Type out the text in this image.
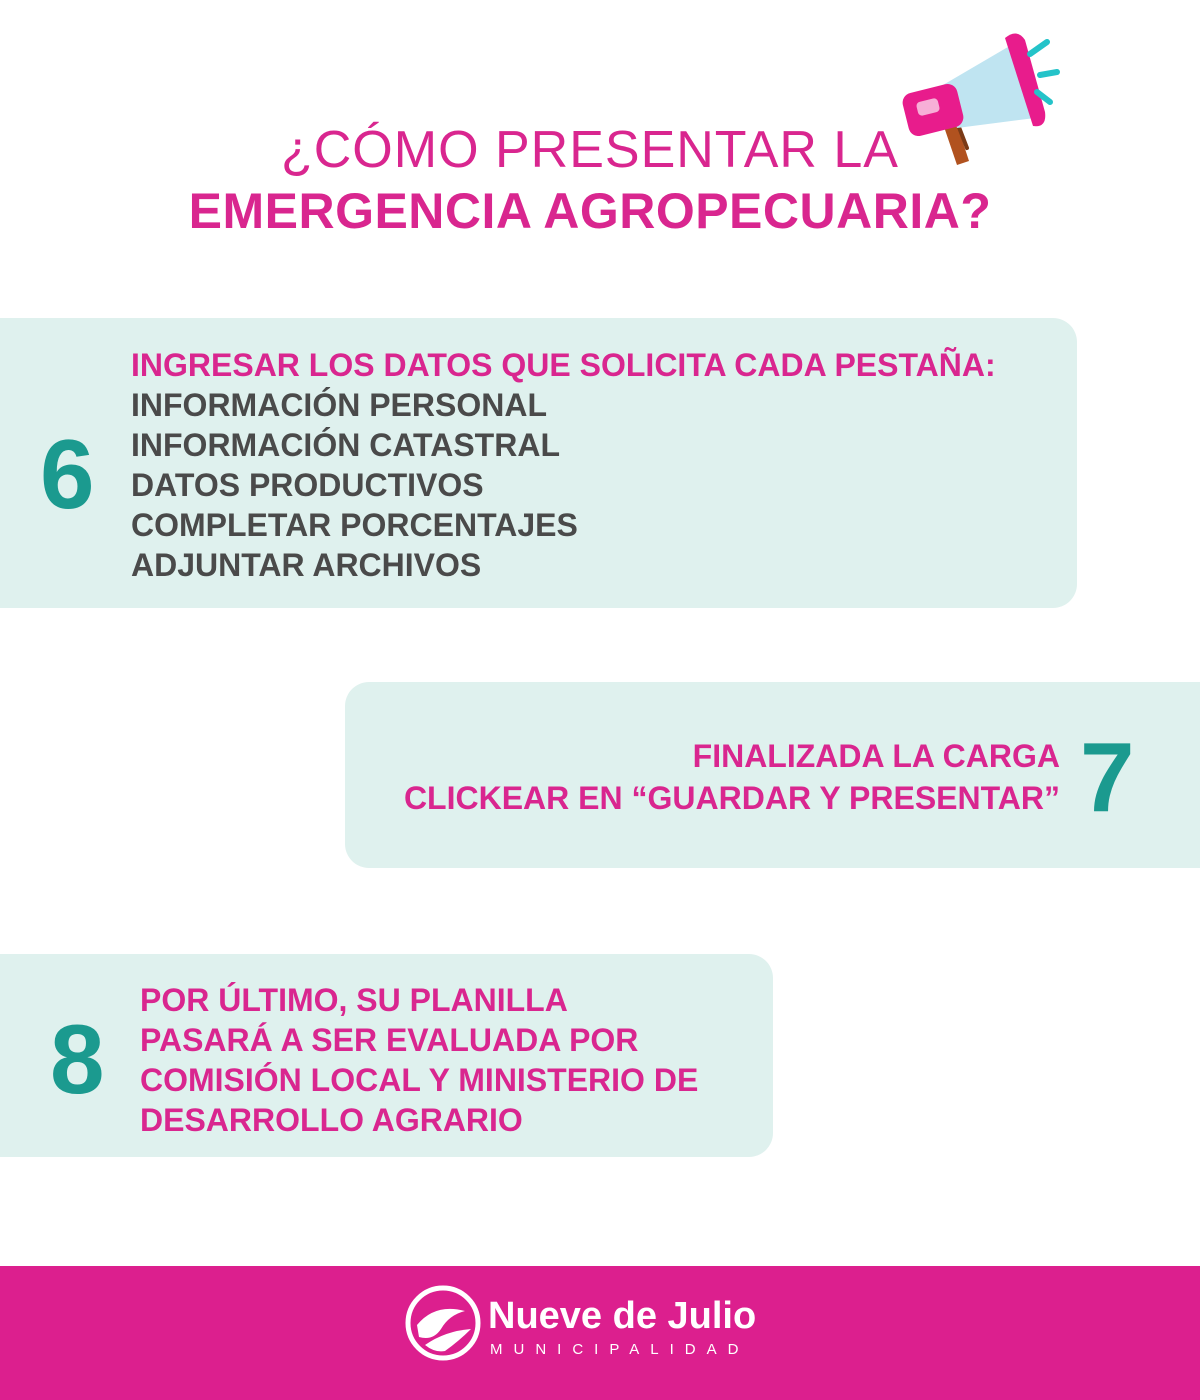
¿CÓMO PRESENTAR LA
EMERGENCIA AGROPECUARIA?
6
INGRESAR LOS DATOS QUE SOLICITA CADA PESTAÑA:
INFORMACIÓN PERSONAL
INFORMACIÓN CATASTRAL
DATOS PRODUCTIVOS
COMPLETAR PORCENTAJES
ADJUNTAR ARCHIVOS
FINALIZADA LA CARGA
CLICKEAR EN “GUARDAR Y PRESENTAR” 7
8
POR ÚLTIMO, SU PLANILLA
PASARÁ A SER EVALUADA POR
COMISIÓN LOCAL Y MINISTERIO DE
DESARROLLO AGRARIO
Nueve de Julio
MUNICIPALIDAD
